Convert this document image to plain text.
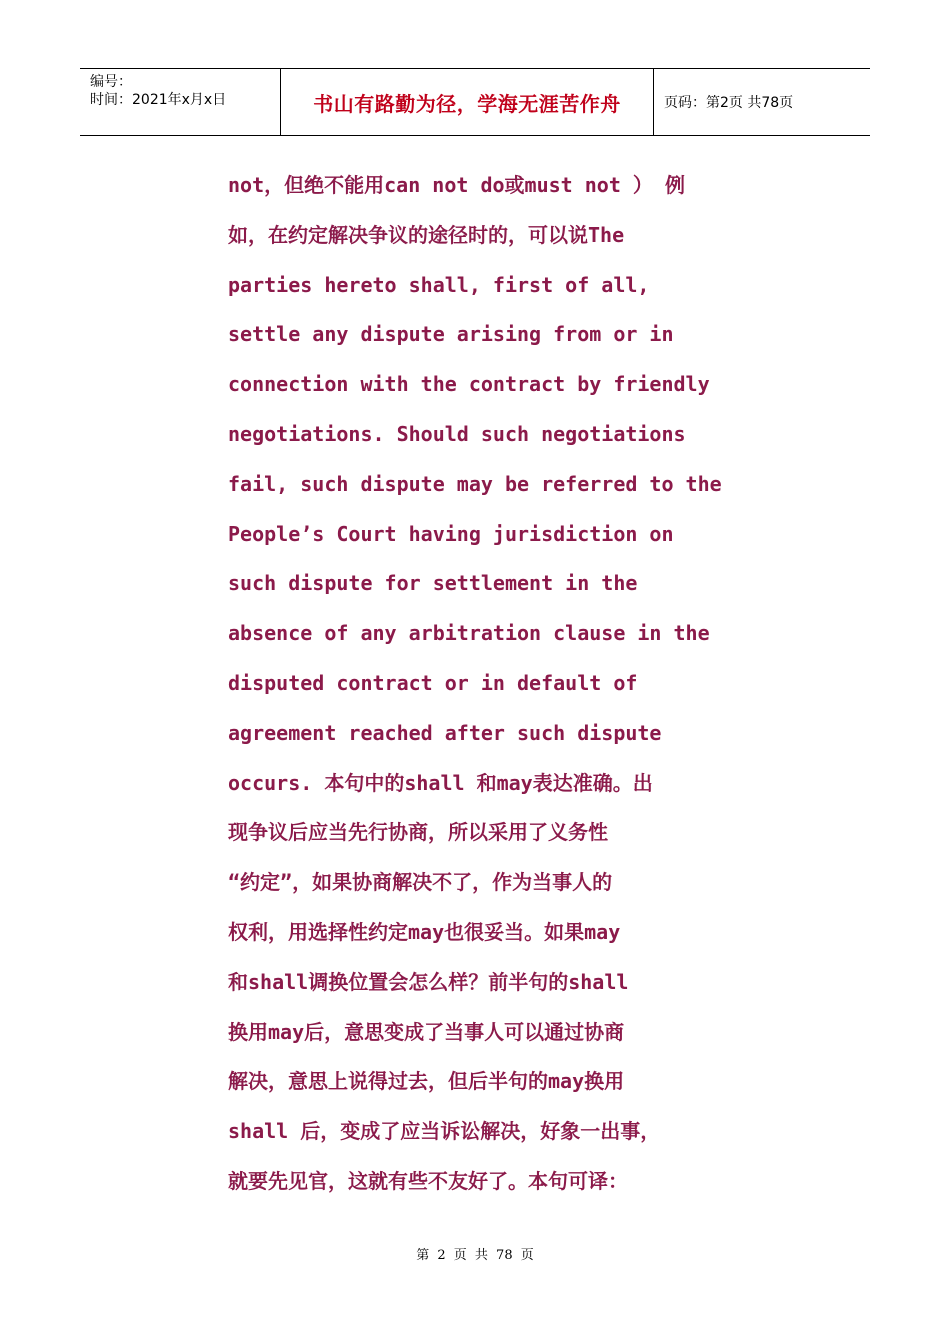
编号：
时间：2021年x月x日	书山有路勤为径，学海无涯苦作舟	页码：第2页 共78页
not，但绝不能用can not do或must not ） 例
如，在约定解决争议的途径时的，可以说The
parties hereto shall, first of all,
settle any dispute arising from or in
connection with the contract by friendly
negotiations. Should such negotiations
fail, such dispute may be referred to the
People’s Court having jurisdiction on
such dispute for settlement in the
absence of any arbitration clause in the
disputed contract or in default of
agreement reached after such dispute
occurs. 本句中的shall 和may表达准确。出
现争议后应当先行协商，所以采用了义务性
“约定”，如果协商解决不了，作为当事人的
权利，用选择性约定may也很妥当。如果may
和shall调换位置会怎么样？前半句的shall
换用may后，意思变成了当事人可以通过协商
解决，意思上说得过去，但后半句的may换用
shall 后，变成了应当诉讼解决，好象一出事，
就要先见官，这就有些不友好了。本句可译：
第 2 页 共 78 页
